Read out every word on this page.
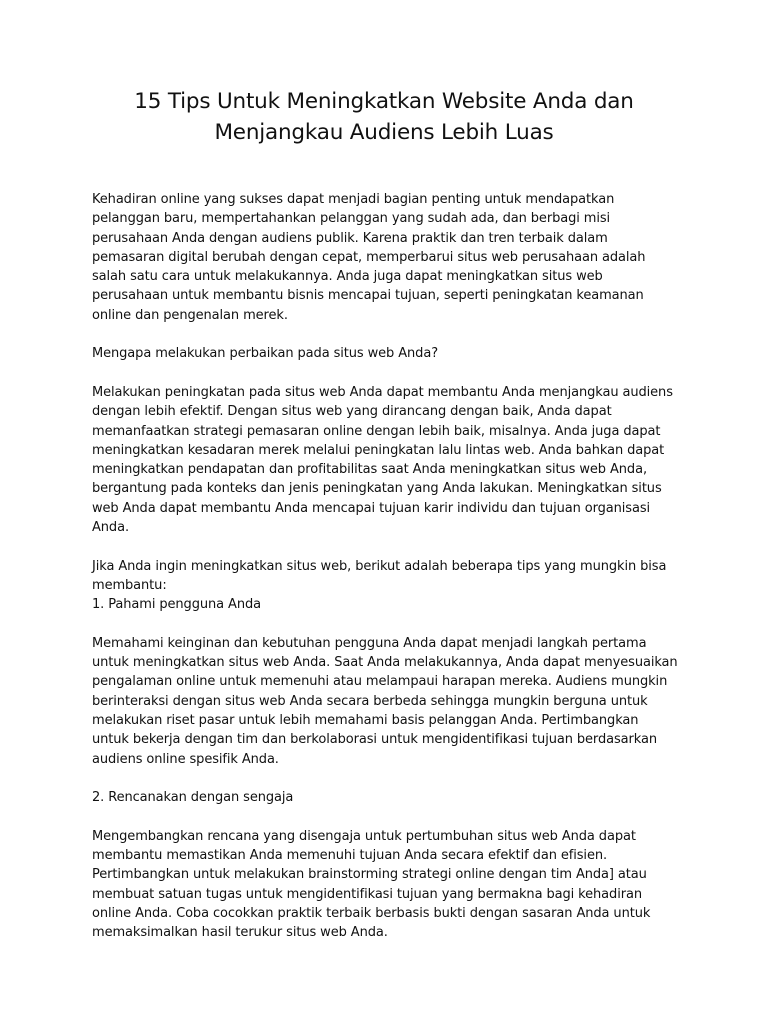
15 Tips Untuk Meningkatkan Website Anda dan
Menjangkau Audiens Lebih Luas

Kehadiran online yang sukses dapat menjadi bagian penting untuk mendapatkan pelanggan baru, mempertahankan pelanggan yang sudah ada, dan berbagi misi perusahaan Anda dengan audiens publik. Karena praktik dan tren terbaik dalam pemasaran digital berubah dengan cepat, memperbarui situs web perusahaan adalah salah satu cara untuk melakukannya. Anda juga dapat meningkatkan situs web perusahaan untuk membantu bisnis mencapai tujuan, seperti peningkatan keamanan online dan pengenalan merek.

Mengapa melakukan perbaikan pada situs web Anda?

Melakukan peningkatan pada situs web Anda dapat membantu Anda menjangkau audiens dengan lebih efektif. Dengan situs web yang dirancang dengan baik, Anda dapat memanfaatkan strategi pemasaran online dengan lebih baik, misalnya. Anda juga dapat meningkatkan kesadaran merek melalui peningkatan lalu lintas web. Anda bahkan dapat meningkatkan pendapatan dan profitabilitas saat Anda meningkatkan situs web Anda, bergantung pada konteks dan jenis peningkatan yang Anda lakukan. Meningkatkan situs web Anda dapat membantu Anda mencapai tujuan karir individu dan tujuan organisasi Anda.

Jika Anda ingin meningkatkan situs web, berikut adalah beberapa tips yang mungkin bisa membantu:

1. Pahami pengguna Anda

Memahami keinginan dan kebutuhan pengguna Anda dapat menjadi langkah pertama untuk meningkatkan situs web Anda. Saat Anda melakukannya, Anda dapat menyesuaikan pengalaman online untuk memenuhi atau melampaui harapan mereka. Audiens mungkin berinteraksi dengan situs web Anda secara berbeda sehingga mungkin berguna untuk melakukan riset pasar untuk lebih memahami basis pelanggan Anda. Pertimbangkan untuk bekerja dengan tim dan berkolaborasi untuk mengidentifikasi tujuan berdasarkan audiens online spesifik Anda.

2. Rencanakan dengan sengaja

Mengembangkan rencana yang disengaja untuk pertumbuhan situs web Anda dapat membantu memastikan Anda memenuhi tujuan Anda secara efektif dan efisien. Pertimbangkan untuk melakukan brainstorming strategi online dengan tim Anda] atau membuat satuan tugas untuk mengidentifikasi tujuan yang bermakna bagi kehadiran online Anda. Coba cocokkan praktik terbaik berbasis bukti dengan sasaran Anda untuk memaksimalkan hasil terukur situs web Anda.
